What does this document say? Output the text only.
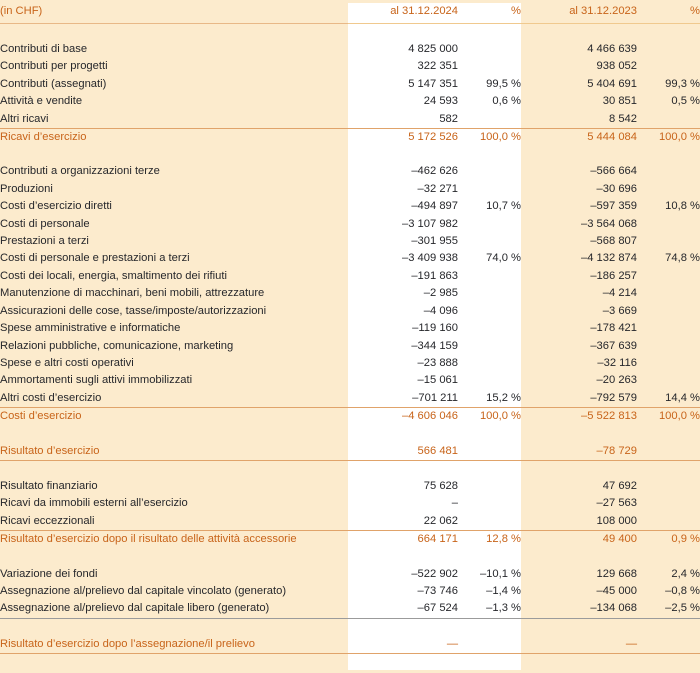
(in CHF)	al 31.12.2024	%	al 31.12.2023	%

Contributi di base	4 825 000		4 466 639	
Contributi per progetti	322 351		938 052	
Contributi (assegnati)	5 147 351	99,5 %	5 404 691	99,3 %
Attività e vendite	24 593	0,6 %	30 851	0,5 %
Altri ricavi	582		8 542	
Ricavi d’esercizio	5 172 526	100,0 %	5 444 084	100,0 %

Contributi a organizzazioni terze	–462 626		–566 664	
Produzioni	–32 271		–30 696	
Costi d’esercizio diretti	–494 897	10,7 %	–597 359	10,8 %
Costi di personale	–3 107 982		–3 564 068	
Prestazioni a terzi	–301 955		–568 807	
Costi di personale e prestazioni a terzi	–3 409 938	74,0 %	–4 132 874	74,8 %
Costi dei locali, energia, smaltimento dei rifiuti	–191 863		–186 257	
Manutenzione di macchinari, beni mobili, attrezzature	–2 985		–4 214	
Assicurazioni delle cose, tasse/imposte/autorizzazioni	–4 096		–3 669	
Spese amministrative e informatiche	–119 160		–178 421	
Relazioni pubbliche, comunicazione, marketing	–344 159		–367 639	
Spese e altri costi operativi	–23 888		–32 116	
Ammortamenti sugli attivi immobilizzati	–15 061		–20 263	
Altri costi d’esercizio	–701 211	15,2 %	–792 579	14,4 %
Costi d’esercizio	–4 606 046	100,0 %	–5 522 813	100,0 %

Risultato d’esercizio	566 481		–78 729	

Risultato finanziario	75 628		47 692	
Ricavi da immobili esterni all’esercizio	–		–27 563	
Ricavi eccezzionali	22 062		108 000	
Risultato d’esercizio dopo il risultato delle attività accessorie	664 171	12,8 %	49 400	0,9 %

Variazione dei fondi	–522 902	–10,1 %	129 668	2,4 %
Assegnazione al/prelievo dal capitale vincolato (generato)	–73 746	–1,4 %	–45 000	–0,8 %
Assegnazione al/prelievo dal capitale libero (generato)	–67 524	–1,3 %	–134 068	–2,5 %

Risultato d’esercizio dopo l’assegnazione/il prelievo	—		—	
